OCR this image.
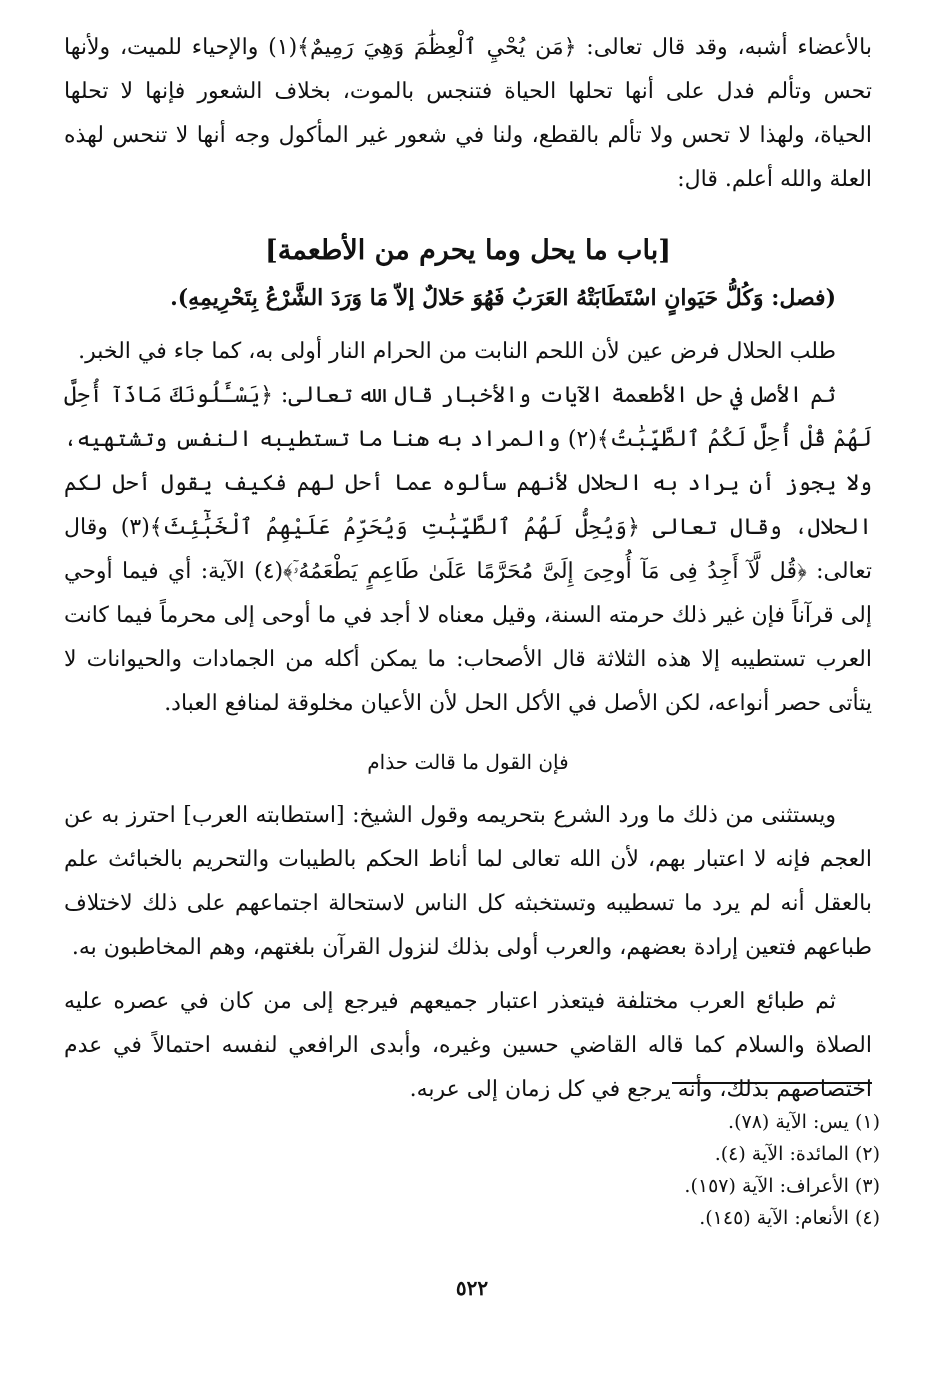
بالأعضاء أشبه، وقد قال تعالى: ﴿مَن يُحْيِ ٱلْعِظَٰمَ وَهِيَ رَمِيمٌ﴾(١) والإحياء للميت، ولأنها تحس وتألم فدل على أنها تحلها الحياة فتنجس بالموت، بخلاف الشعور فإنها لا تحلها الحياة، ولهذا لا تحس ولا تألم بالقطع، ولنا في شعور غير المأكول وجه أنها لا تنحس لهذه العلة والله أعلم. قال:

[باب ما يحل وما يحرم من الأطعمة]

(فصل: وَكُلُّ حَيَوانٍ اسْتَطَابَتْهُ العَرَبُ فَهُوَ حَلالٌ إلاّ مَا وَرَدَ الشَّرْعُ بِتَحْرِيمِهِ).

طلب الحلال فرض عين لأن اللحم النابت من الحرام النار أولى به، كما جاء في الخبر.

ثم الأصل في حل الأطعمة الآيات والأخبار قال الله تعالى: ﴿يَسْـَٔلُونَكَ مَاذَآ أُحِلَّ لَهُمْ قُلْ أُحِلَّ لَكُمُ ٱلطَّيِّبَٰتُ﴾(٢) والمراد به هنا ما تستطيبه النفس وتشتهيه، ولا يجوز أن يراد به الحلال لأنهم سألوه عما أحل لهم فكيف يقول أحل لكم الحلال، وقال تعالى ﴿وَيُحِلُّ لَهُمُ ٱلطَّيِّبَٰتِ وَيُحَرِّمُ عَلَيْهِمُ ٱلْخَبَٰٓئِثَ﴾(٣) وقال تعالى: ﴿قُل لَّآ أَجِدُ فِى مَآ أُوحِىَ إِلَىَّ مُحَرَّمًا عَلَىٰ طَاعِمٍ يَطْعَمُهُۥٓ﴾(٤) الآية: أي فيما أوحي إلى قرآناً فإن غير ذلك حرمته السنة، وقيل معناه لا أجد في ما أوحى إلى محرماً فيما كانت العرب تستطيبه إلا هذه الثلاثة قال الأصحاب: ما يمكن أكله من الجمادات والحيوانات لا يتأتى حصر أنواعه، لكن الأصل في الأكل الحل لأن الأعيان مخلوقة لمنافع العباد.

فإن القول ما قالت حذام

ويستثنى من ذلك ما ورد الشرع بتحريمه وقول الشيخ: [استطابته العرب] احترز به عن العجم فإنه لا اعتبار بهم، لأن الله تعالى لما أناط الحكم بالطيبات والتحريم بالخبائث علم بالعقل أنه لم يرد ما تسطيبه وتستخبثه كل الناس لاستحالة اجتماعهم على ذلك لاختلاف طباعهم فتعين إرادة بعضهم، والعرب أولى بذلك لنزول القرآن بلغتهم، وهم المخاطبون به.

ثم طبائع العرب مختلفة فيتعذر اعتبار جميعهم فيرجع إلى من كان في عصره عليه الصلاة والسلام كما قاله القاضي حسين وغيره، وأبدى الرافعي لنفسه احتمالاً في عدم اختصاصهم بذلك، وأنه يرجع في كل زمان إلى عربه.

(١) يس: الآية (٧٨).
(٢) المائدة: الآية (٤).
(٣) الأعراف: الآية (١٥٧).
(٤) الأنعام: الآية (١٤٥).
٥٢٢
